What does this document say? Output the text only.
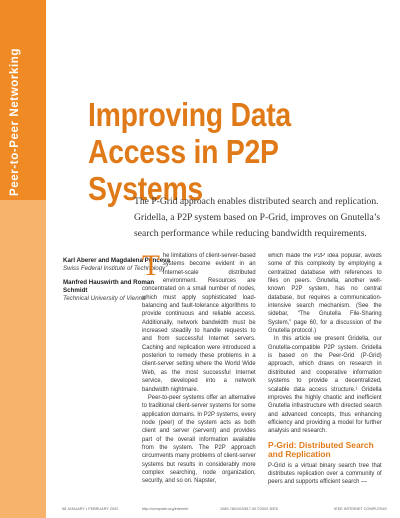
Peer-to-Peer Networking Improving Data
Access in P2P Systems
The P-Grid approach enables distributed search and replication. Gridella, a P2P system based on P-Grid, improves on Gnutella’s search performance while reducing bandwidth requirements.
Karl Aberer and Magdalena Punceva
Swiss Federal Institute of Technology
Manfred Hauswirth and Roman Schmidt
Technical University of Vienna

The limitations of client-server-based systems become evident in an Internet-scale distributed environment. Resources are concentrated on a small number of nodes, which must apply sophisticated load-balancing and fault-tolerance algorithms to provide continuous and reliable access. Additionally, network bandwidth must be increased steadily to handle requests to and from successful Internet servers. Caching and replication were introduced a posteriori to remedy these problems in a client-server setting where the World Wide Web, as the most successful Internet service, developed into a network bandwidth nightmare.

Peer-to-peer systems offer an alternative to traditional client-server systems for some application domains. In P2P systems, every node (peer) of the system acts as both client and server (servent) and provides part of the overall information available from the system. The P2P approach circumvents many problems of client-server systems but results in considerably more complex searching, node organization, security, and so on. Napster,

which made the P2P idea popular, avoids some of this complexity by employing a centralized database with references to files on peers. Gnutella, another well-known P2P system, has no central database, but requires a communication-intensive search mechanism. (See the sidebar, “The Gnutella File-Sharing System,” page 60, for a discussion of the Gnutella protocol.)

In this article we present Gridella, our Gnutella-compatible P2P system. Gridella is based on the Peer-Grid (P-Grid) approach, which draws on research in distributed and cooperative information systems to provide a decentralized, scalable data access structure.¹ Gridella improves the highly chaotic and inefficient Gnutella infrastructure with directed search and advanced concepts, thus enhancing efficiency and providing a model for further analysis and research.

P-Grid: Distributed Search and Replication

P-Grid is a virtual binary search tree that distributes replication over a community of peers and supports efficient search —

58 JANUARY • FEBRUARY 2002	http://computer.org/internet/	1089-7801/02/$17.00 ©2002 IEEE	IEEE INTERNET COMPUTING
